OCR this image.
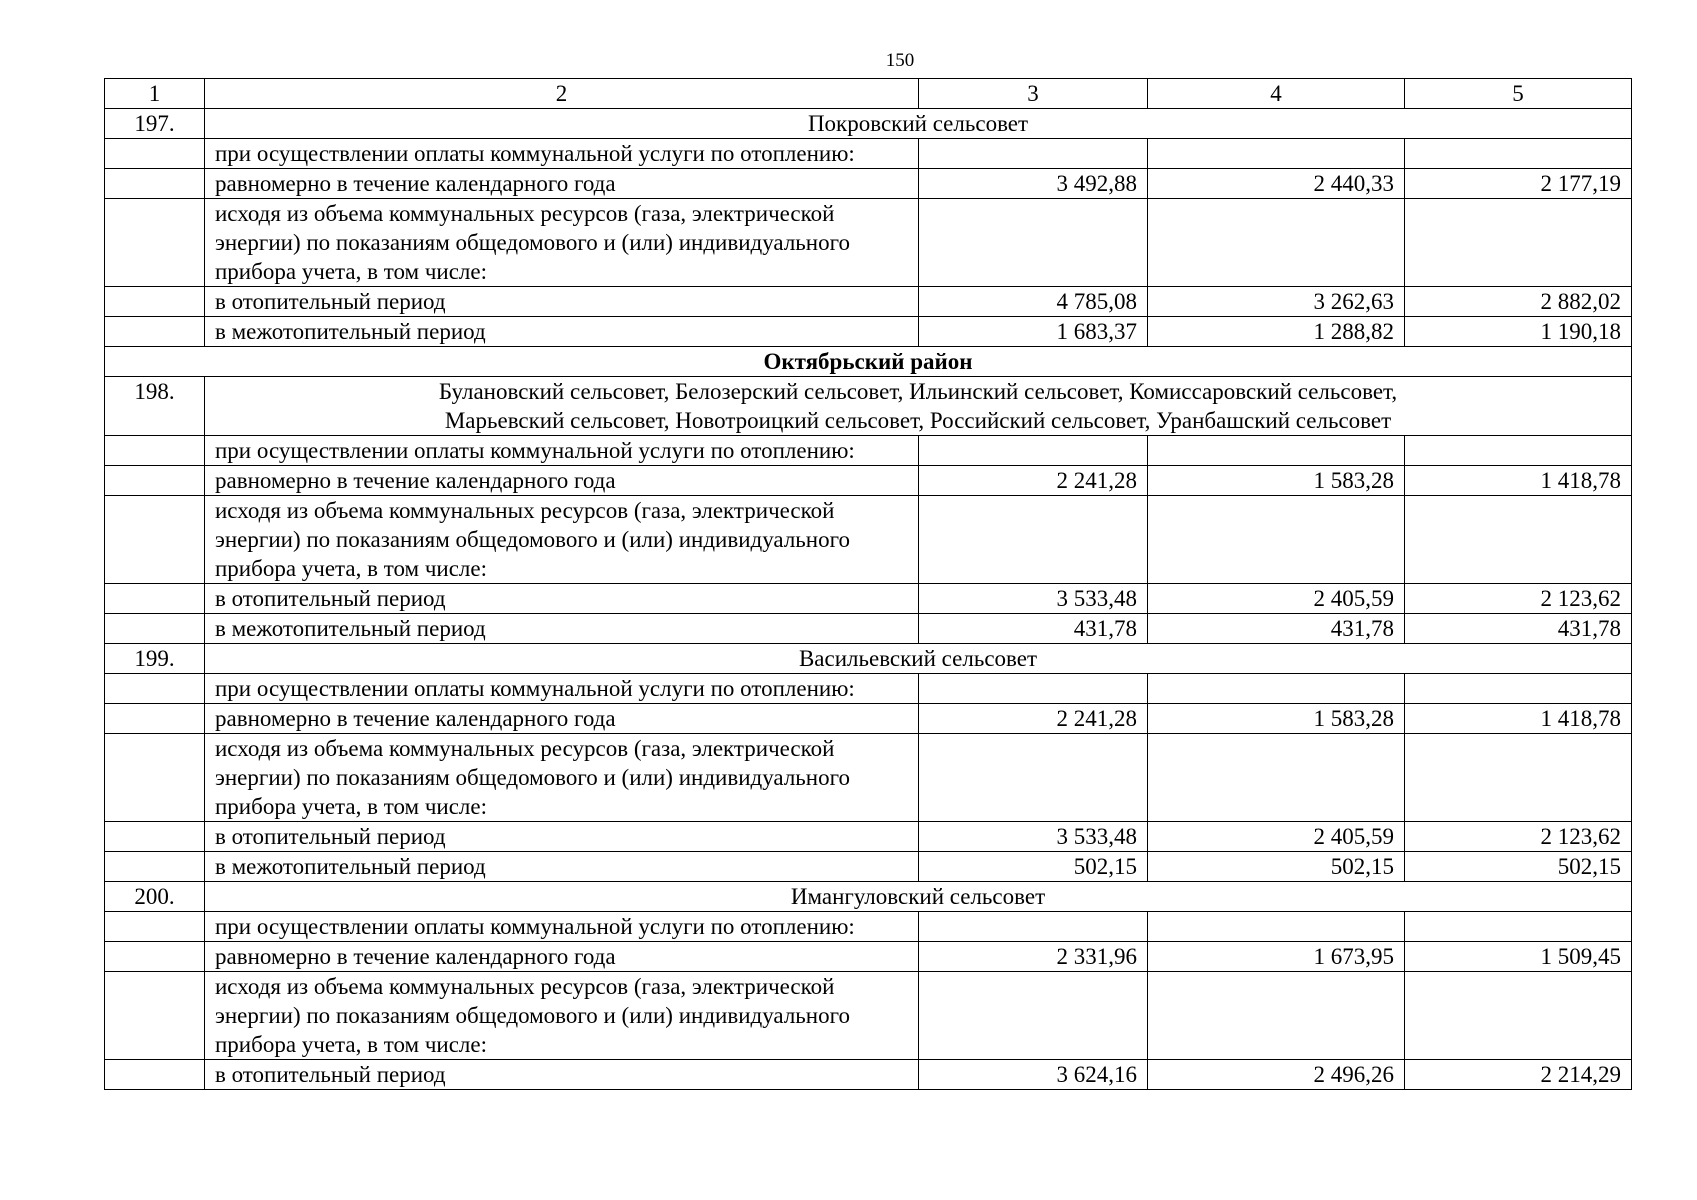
150
1	2	3	4	5
197.	Покровский сельсовет			
	при осуществлении оплаты коммунальной услуги по отоплению:			
	равномерно в течение календарного года	3 492,88	2 440,33	2 177,19
	исходя из объема коммунальных ресурсов (газа, электрической энергии) по показаниям общедомового и (или) индивидуального прибора учета, в том числе:			
	в отопительный период	4 785,08	3 262,63	2 882,02
	в межотопительный период	1 683,37	1 288,82	1 190,18
Октябрьский район				
198.	Булановский сельсовет, Белозерский сельсовет, Ильинский сельсовет, Комиссаровский сельсовет,
Марьевский сельсовет, Новотроицкий сельсовет, Российский сельсовет, Уранбашский сельсовет			

	при осуществлении оплаты коммунальной услуги по отоплению:			
	равномерно в течение календарного года	2 241,28	1 583,28	1 418,78
	исходя из объема коммунальных ресурсов (газа, электрической энергии) по показаниям общедомового и (или) индивидуального прибора учета, в том числе:			
	в отопительный период	3 533,48	2 405,59	2 123,62
	в межотопительный период	431,78	431,78	431,78
199.	Васильевский сельсовет			
	при осуществлении оплаты коммунальной услуги по отоплению:			
	равномерно в течение календарного года	2 241,28	1 583,28	1 418,78
	исходя из объема коммунальных ресурсов (газа, электрической энергии) по показаниям общедомового и (или) индивидуального прибора учета, в том числе:			
	в отопительный период	3 533,48	2 405,59	2 123,62
	в межотопительный период	502,15	502,15	502,15
200.	Имангуловский сельсовет			
	при осуществлении оплаты коммунальной услуги по отоплению:			
	равномерно в течение календарного года	2 331,96	1 673,95	1 509,45
	исходя из объема коммунальных ресурсов (газа, электрической энергии) по показаниям общедомового и (или) индивидуального прибора учета, в том числе:			
	в отопительный период	3 624,16	2 496,26	2 214,29
